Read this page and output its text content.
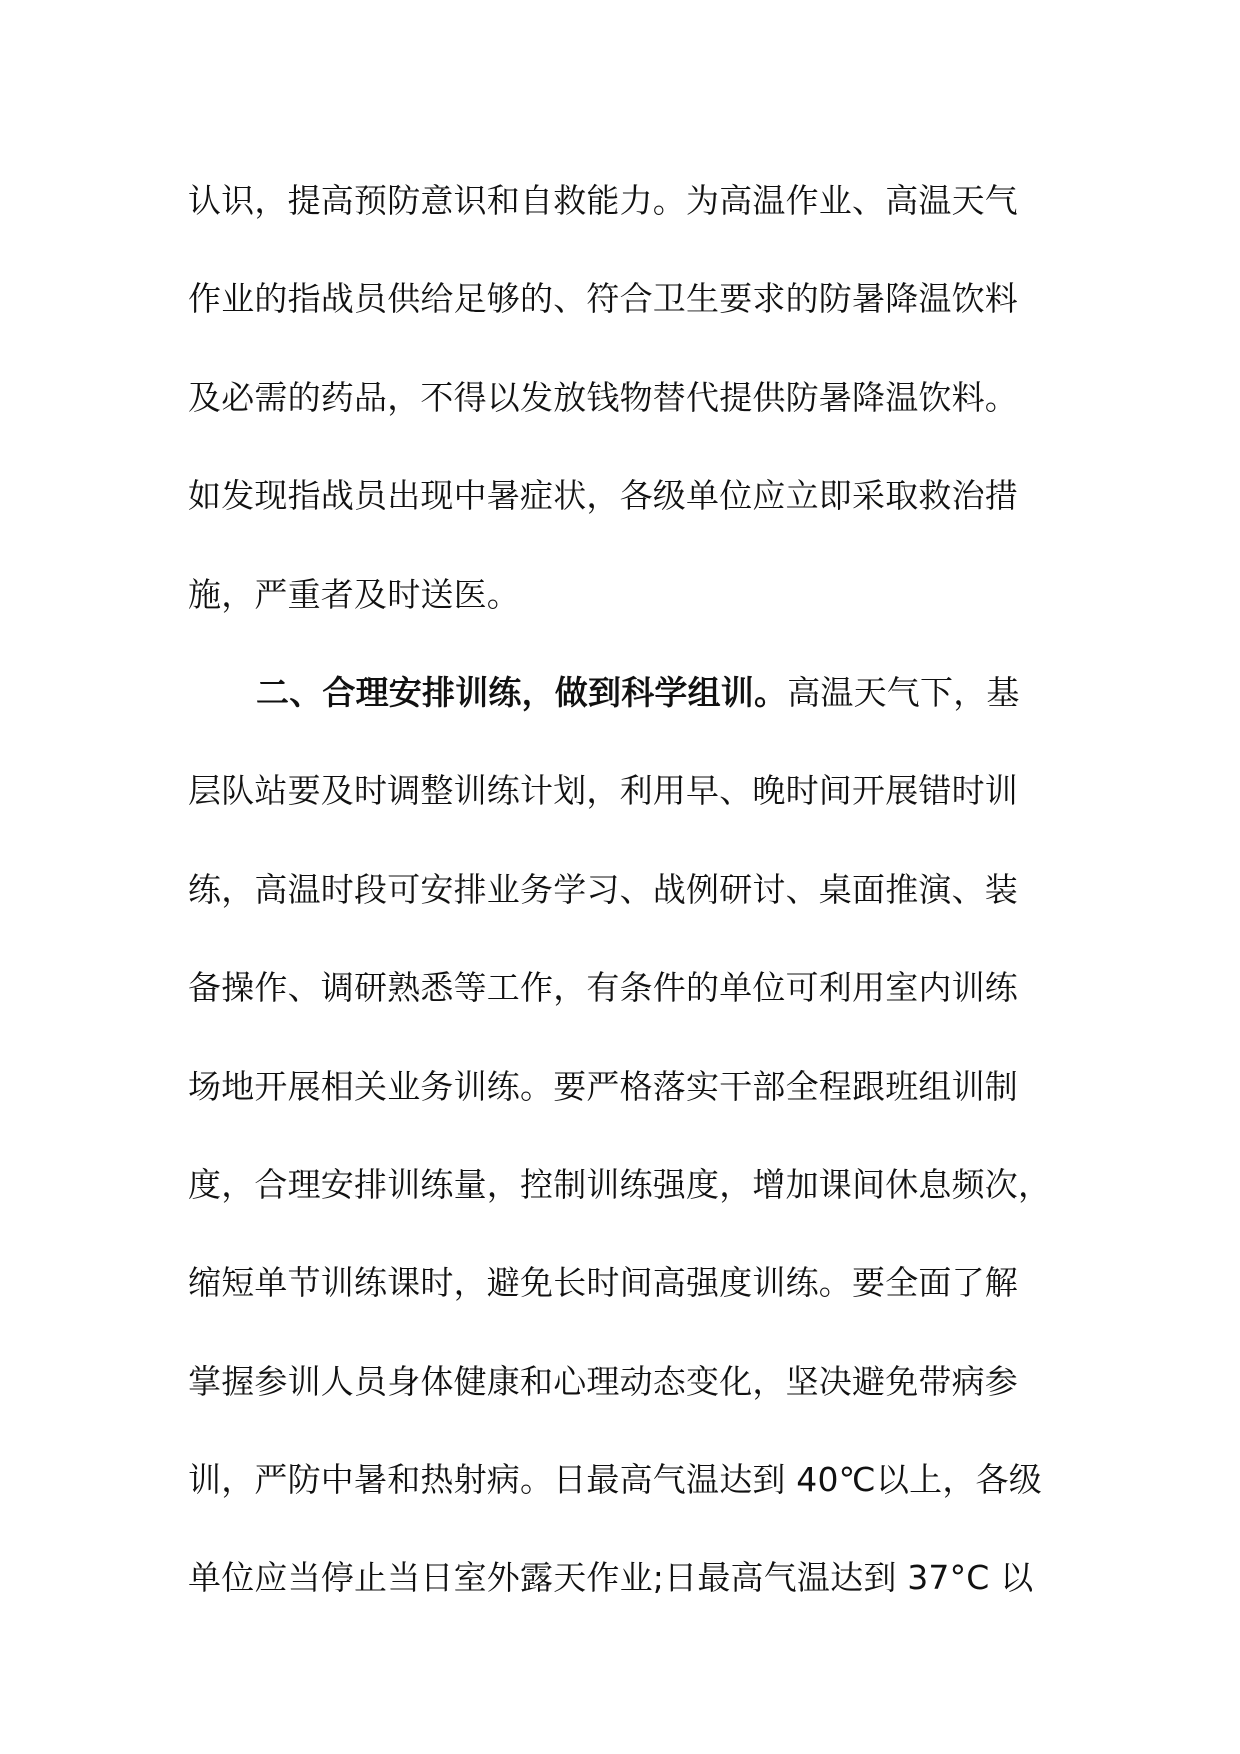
认识，提高预防意识和自救能力。为高温作业、高温天气
作业的指战员供给足够的、符合卫生要求的防暑降温饮料
及必需的药品，不得以发放钱物替代提供防暑降温饮料。
如发现指战员出现中暑症状，各级单位应立即采取救治措
施，严重者及时送医。
二、合理安排训练，做到科学组训。高温天气下，基
层队站要及时调整训练计划，利用早、晚时间开展错时训
练，高温时段可安排业务学习、战例研讨、桌面推演、装
备操作、调研熟悉等工作，有条件的单位可利用室内训练
场地开展相关业务训练。要严格落实干部全程跟班组训制
度，合理安排训练量，控制训练强度，增加课间休息频次，
缩短单节训练课时，避免长时间高强度训练。要全面了解
掌握参训人员身体健康和心理动态变化，坚决避免带病参
训，严防中暑和热射病。日最高气温达到 40℃以上，各级
单位应当停止当日室外露天作业;日最高气温达到 37°C 以
